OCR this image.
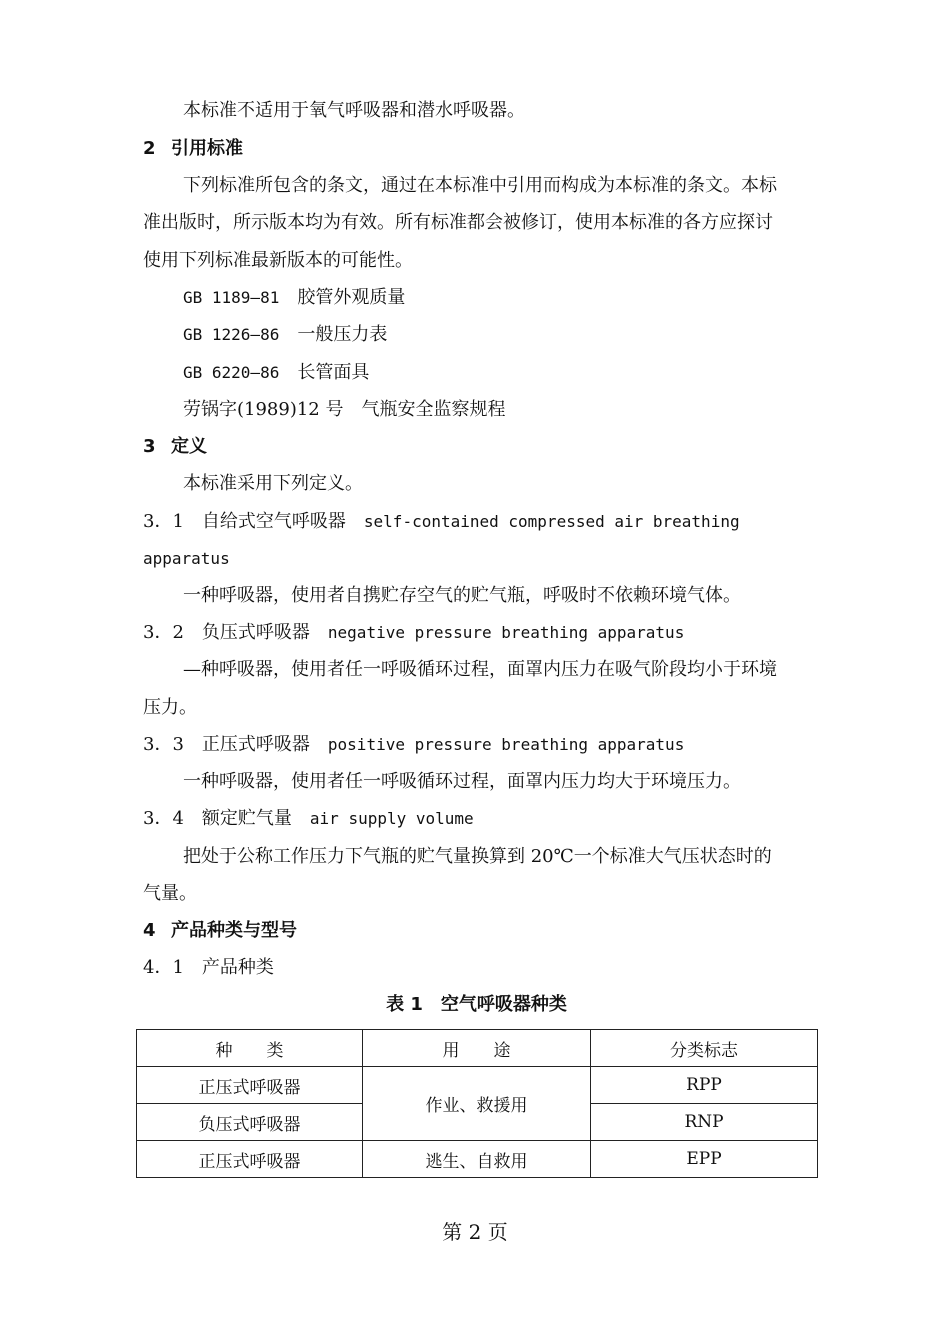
本标准不适用于氧气呼吸器和潜水呼吸器。
2 引用标准
下列标准所包含的条文，通过在本标准中引用而构成为本标准的条文。本标
准出版时，所示版本均为有效。所有标准都会被修订，使用本标准的各方应探讨
使用下列标准最新版本的可能性。
GB 1189—81 胶管外观质量
GB 1226—86 一般压力表
GB 6220—86 长管面具
劳锅字(1989)12 号 气瓶安全监察规程
3 定义
本标准采用下列定义。
3．1 自给式空气呼吸器 self-contained compressed air breathing
apparatus
一种呼吸器，使用者自携贮存空气的贮气瓶，呼吸时不依赖环境气体。
3．2 负压式呼吸器 negative pressure breathing apparatus
—种呼吸器，使用者任一呼吸循环过程，面罩内压力在吸气阶段均小于环境
压力。
3．3 正压式呼吸器 positive pressure breathing apparatus
一种呼吸器，使用者任一呼吸循环过程，面罩内压力均大于环境压力。
3．4 额定贮气量 air supply volume
把处于公称工作压力下气瓶的贮气量换算到 20℃一个标准大气压状态时的
气量。
4 产品种类与型号
4．1 产品种类
表 1　空气呼吸器种类
种　　类	用　　途	分类标志
正压式呼吸器	作业、救援用	RPP
负压式呼吸器		RNP
正压式呼吸器	逃生、自救用	EPP
第 2 页
